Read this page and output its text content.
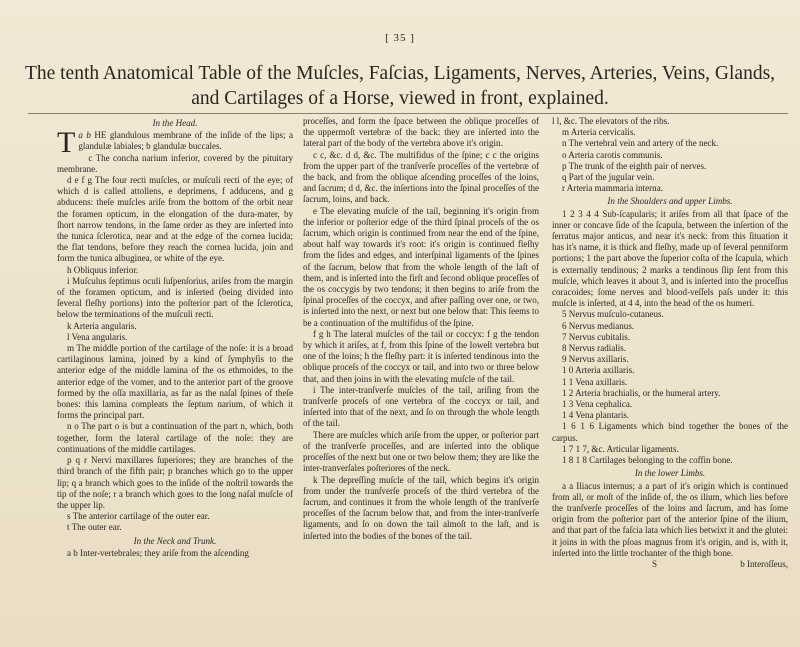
[ 35 ]
The tenth Anatomical Table of the Muſcles, Faſcias, Ligaments, Nerves, Arteries, Veins, Glands,
and Cartilages of a Horse, viewed in front, explained.
In the Head.

a b
T HE glandulous membrane of the inſide of the lips; a glandulæ labiales; b glandulæ buccales.

c The concha narium inferior, covered by the pituitary membrane.

d e f g The four recti muſcles, or muſculi recti of the eye; of which d is called attollens, e deprimens, f adducens, and g abducens: theſe muſcles ariſe from the bottom of the orbit near the foramen opticum, in the elongation of the dura-mater, by ſhort narrow tendons, in the ſame order as they are inſerted into the tunica ſclerotica, near and at the edge of the cornea lucida; the flat tendons, before they reach the cornea lucida, join and form the tunica albuginea, or white of the eye.

h Obliquus inferior.

i Muſculus ſeptimus oculi ſuſpenſorius, ariſes from the margin of the foramen opticum, and is inſerted (being divided into ſeveral fleſhy portions) into the poſterior part of the ſclerotica, below the terminations of the muſculi recti.

k Arteria angularis.

l Vena angularis.

m The middle portion of the cartilage of the noſe: it is a broad cartilaginous lamina, joined by a kind of ſymphyſis to the anterior edge of the middle lamina of the os ethmoides, to the anterior edge of the vomer, and to the anterior part of the groove formed by the oſſa maxillaria, as far as the naſal ſpines of theſe bones: this lamina compleats the ſeptum narium, of which it forms the principal part.

n o The part o is but a continuation of the part n, which, both together, form the lateral cartilage of the noſe: they are continuations of the middle cartilages.

p q r Nervi maxillares ſuperiores; they are branches of the third branch of the fifth pair; p branches which go to the upper lip; q a branch which goes to the inſide of the noſtril towards the tip of the noſe; r a branch which goes to the long naſal muſcle of the upper lip.

s The anterior cartilage of the outer ear.

t The outer ear.

In the Neck and Trunk.

a b Inter-vertebrales; they ariſe from the aſcending

proceſſes, and form the ſpace between the oblique proceſſes of the uppermoſt vertebræ of the back: they are inſerted into the lateral part of the body of the vertebra above it's origin.

c c, &c. d d, &c. The multifidus of the ſpine; c c the origins from the upper part of the tranſverſe proceſſes of the vertebræ of the back, and from the oblique aſcending proceſſes of the loins, and ſacrum; d d, &c. the inſertions into the ſpinal proceſſes of the ſacrum, loins, and back.

e The elevating muſcle of the tail, beginning it's origin from the inferior or poſterior edge of the third ſpinal proceſs of the os ſacrum, which origin is continued from near the end of the ſpine, about half way towards it's root: it's origin is continued fleſhy from the ſides and edges, and interſpinal ligaments of the ſpines of the ſacrum, below that from the whole length of the laſt of them, and is inſerted into the firſt and ſecond oblique proceſſes of the os coccygis by two tendons; it then begins to ariſe from the ſpinal proceſſes of the coccyx, and after paſſing over one, or two, is inſerted into the next, or next but one below that: This ſeems to be a continuation of the multifidus of the ſpine.

f g h The lateral muſcles of the tail or coccyx: f g the tendon by which it ariſes, at f, from this ſpine of the loweſt vertebra but one of the loins; h the fleſhy part: it is inſerted tendinous into the oblique proceſs of the coccyx or tail, and into two or three below that, and then joins in with the elevating muſcle of the tail.

i The inter-tranſverſe muſcles of the tail, ariſing from the tranſverſe proceſs of one vertebra of the coccyx or tail, and inſerted into that of the next, and ſo on through the whole length of the tail.

There are muſcles which ariſe from the upper, or poſterior part of the tranſverſe proceſſes, and are inſerted into the oblique proceſſes of the next but one or two below them; they are like the inter-tranverſales poſteriores of the neck.

k The depreſſing muſcle of the tail, which begins it's origin from under the tranſverſe proceſs of the third vertebra of the ſacrum, and continues it from the whole length of the tranſverſe proceſſes of the ſacrum below that, and from the inter-tranſverſe ligaments, and ſo on down the tail almoſt to the laſt, and is inſerted into the bodies of the bones of the tail.

l l, &c. The elevators of the ribs.

m Arteria cervicalis.

n The vertebral vein and artery of the neck.

o Arteria carotis communis.

p The trunk of the eighth pair of nerves.

q Part of the jugular vein.

r Arteria mammaria interna.

In the Shoulders and upper Limbs.

1 2 3 4 4 Sub-ſcapularis; it ariſes from all that ſpace of the inner or concave ſide of the ſcapula, between the inſertion of the ſerratus major anticus, and near it's neck: from this ſituation it has it's name, it is thick and fleſhy, made up of ſeveral penniform portions; 1 the part above the ſuperior coſta of the ſcapula, which is externally tendinous; 2 marks a tendinous ſlip ſent from this muſcle, which leaves it about 3, and is inſerted into the proceſſus coracoides; ſome nerves and blood-veſſels paſs under it: this muſcle is inſerted, at 4 4, into the head of the os humeri.

5 Nervus muſculo-cutaneus.

6 Nervus medianus.

7 Nervus cubitalis.

8 Nervus radialis.

9 Nervus axillaris.

1 0 Arteria axillaris.

1 1 Vena axillaris.

1 2 Arteria brachialis, or the humeral artery.

1 3 Vena cephalica.

1 4 Vena plantaris.

1 6 1 6 Ligaments which bind together the bones of the carpus.

1 7 1 7, &c. Articular ligaments.

1 8 1 8 Cartilages belonging to the coffin bone.

In the lower Limbs.

a a Iliacus internus; a a part of it's origin which is continued from all, or moſt of the inſide of, the os ilium, which lies before the tranſverſe proceſſes of the loins and ſacrum, and has ſome origin from the poſterior part of the anterior ſpine of the ilium, and that part of the faſcia lata which lies betwixt it and the glutei: it joins in with the pſoas magnus from it's origin, and is, with it, inſerted into the little trochanter of the thigh bone.

S	b Interoſſeus,
